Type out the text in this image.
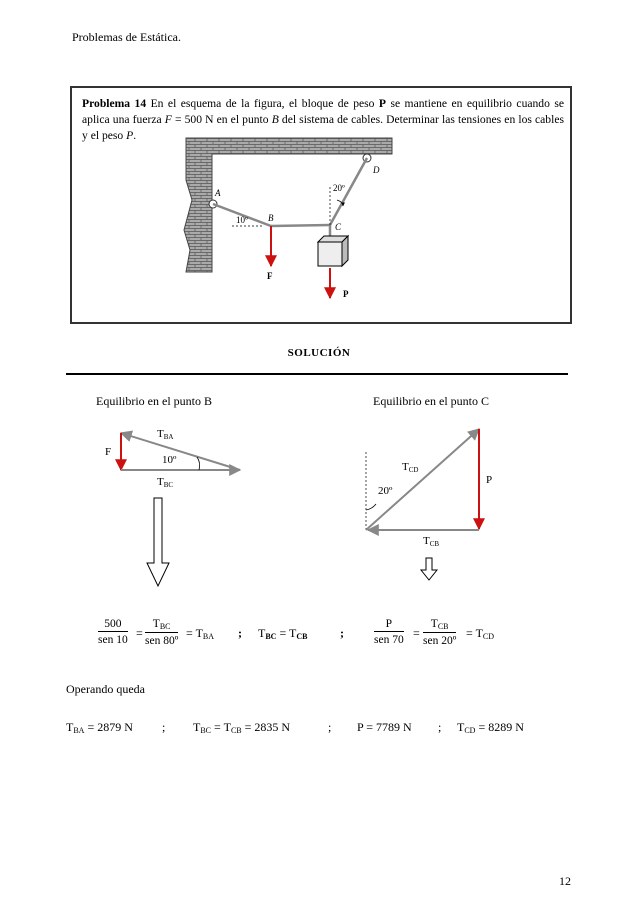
Problemas de Estática.
Problema 14 En el esquema de la figura, el bloque de peso P se mantiene en equilibrio cuando se aplica una fuerza F = 500 N en el punto B del sistema de cables. Determinar las tensiones en los cables y el peso P.
A
B
C
D
10º
20º
F
P
SOLUCIÓN
Equilibrio en el punto B	Equilibrio en el punto C
TBA
F
10º
TBC
TCD
P
20º
TCB
500
sen 10 =
$T_{BC}$
sen 80º
= $T_{BA}$ ; $T_{BC} = T_{CB}$	;
P
sen 70 =
$T_{CB}$
sen 20º
= $T_{CD}$
Operando queda
$T_{BA} = 2879$ N ; $T_{BC} = T_{CB} = 2835$ N	; P = 7789 N ; $T_{CD} = 8289$ N
12
